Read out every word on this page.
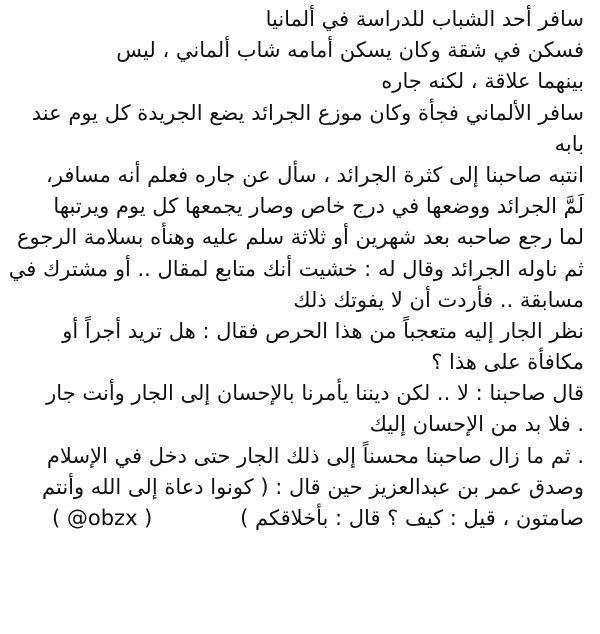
سافر أحد الشباب للدراسة في ألمانيا
فسكن في شقة وكان يسكن أمامه شاب ألماني ، ليس
بينهما علاقة ، لكنه جاره
سافر الألماني فجأة وكان موزع الجرائد يضع الجريدة كل يوم عند
بابه
انتبه صاحبنا إلى كثرة الجرائد ، سأل عن جاره فعلم أنه مسافر،
لَمَّ الجرائد ووضعها في درج خاص وصار يجمعها كل يوم ويرتبها
لما رجع صاحبه بعد شهرين أو ثلاثة سلم عليه وهنأه بسلامة الرجوع
ثم ناوله الجرائد وقال له : خشيت أنك متابع لمقال .. أو مشترك في
مسابقة .. فأردت أن لا يفوتك ذلك
نظر الجار إليه متعجباً من هذا الحرص فقال : هل تريد أجراً أو
مكافأة على هذا ؟
قال صاحبنا : لا .. لكن ديننا يأمرنا بالإحسان إلى الجار وأنت جار
. فلا بد من الإحسان إليك
. ثم ما زال صاحبنا محسناً إلى ذلك الجار حتى دخل في الإسلام
وصدق عمر بن عبدالعزيز حين قال : ( كونوا دعاة إلى الله وأنتم
صامتون ، قيل : كيف ؟ قال : بأخلاقكم )
( @obzx )
